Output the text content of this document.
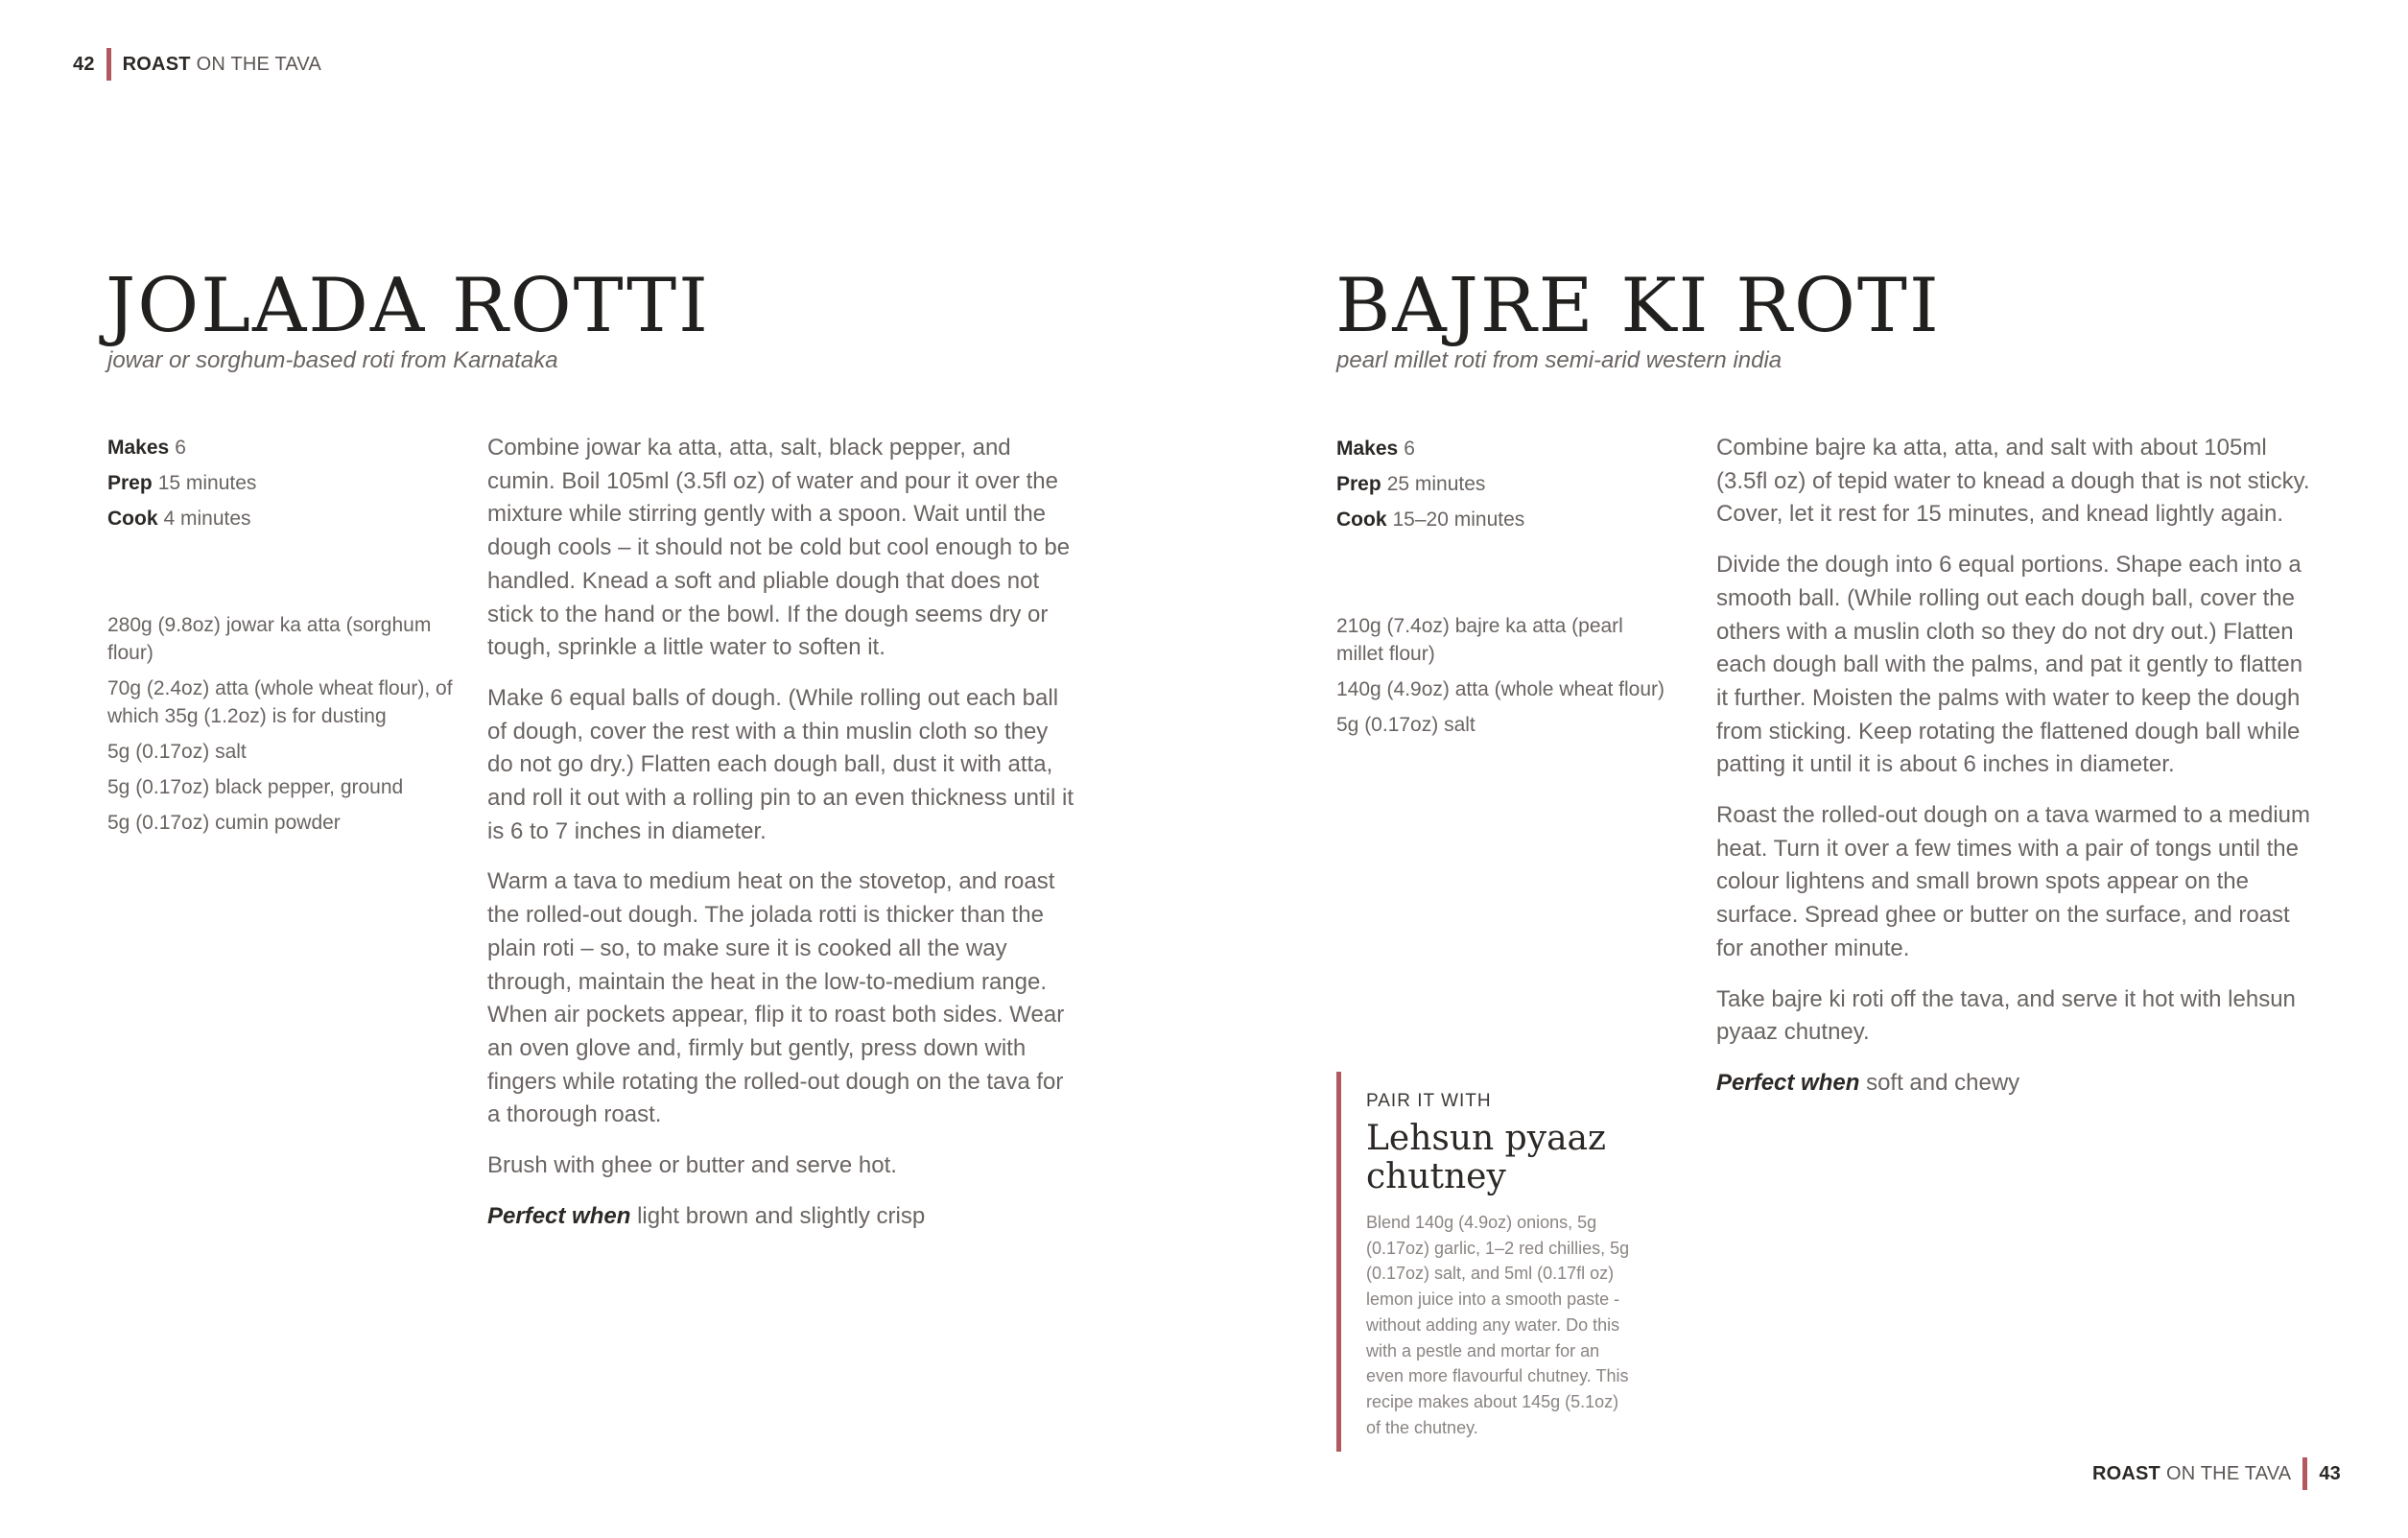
42 ROAST ON THE TAVA
JOLADA ROTTI
jowar or sorghum-based roti from Karnataka

Makes 6

Prep 15 minutes

Cook 4 minutes

280g (9.8oz) jowar ka atta (sorghum flour)

70g (2.4oz) atta (whole wheat flour), of which 35g (1.2oz) is for dusting

5g (0.17oz) salt

5g (0.17oz) black pepper, ground

5g (0.17oz) cumin powder

Combine jowar ka atta, atta, salt, black pepper, and cumin. Boil 105ml (3.5fl oz) of water and pour it over the mixture while stirring gently with a spoon. Wait until the dough cools – it should not be cold but cool enough to be handled. Knead a soft and pliable dough that does not stick to the hand or the bowl. If the dough seems dry or tough, sprinkle a little water to soften it.

Make 6 equal balls of dough. (While rolling out each ball of dough, cover the rest with a thin muslin cloth so they do not go dry.) Flatten each dough ball, dust it with atta, and roll it out with a rolling pin to an even thickness until it is 6 to 7 inches in diameter.

Warm a tava to medium heat on the stovetop, and roast the rolled-out dough. The jolada rotti is thicker than the plain roti – so, to make sure it is cooked all the way through, maintain the heat in the low-to-medium range. When air pockets appear, flip it to roast both sides. Wear an oven glove and, firmly but gently, press down with fingers while rotating the rolled-out dough on the tava for a thorough roast.

Brush with ghee or butter and serve hot.

Perfect when light brown and slightly crisp

BAJRE KI ROTI
pearl millet roti from semi-arid western india

Makes 6

Prep 25 minutes

Cook 15–20 minutes

210g (7.4oz) bajre ka atta (pearl millet flour)

140g (4.9oz) atta (whole wheat flour)

5g (0.17oz) salt

Combine bajre ka atta, atta, and salt with about 105ml (3.5fl oz) of tepid water to knead a dough that is not sticky. Cover, let it rest for 15 minutes, and knead lightly again.

Divide the dough into 6 equal portions. Shape each into a smooth ball. (While rolling out each dough ball, cover the others with a muslin cloth so they do not dry out.) Flatten each dough ball with the palms, and pat it gently to flatten it further. Moisten the palms with water to keep the dough from sticking. Keep rotating the flattened dough ball while patting it until it is about 6 inches in diameter.

Roast the rolled-out dough on a tava warmed to a medium heat. Turn it over a few times with a pair of tongs until the colour lightens and small brown spots appear on the surface. Spread ghee or butter on the surface, and roast for another minute.

Take bajre ki roti off the tava, and serve it hot with lehsun pyaaz chutney.

Perfect when soft and chewy

PAIR IT WITH

Lehsun pyaaz chutney

Blend 140g (4.9oz) onions, 5g (0.17oz) garlic, 1–2 red chillies, 5g (0.17oz) salt, and 5ml (0.17fl oz) lemon juice into a smooth paste - without adding any water. Do this with a pestle and mortar for an even more flavourful chutney. This recipe makes about 145g (5.1oz) of the chutney.

ROAST ON THE TAVA 43
